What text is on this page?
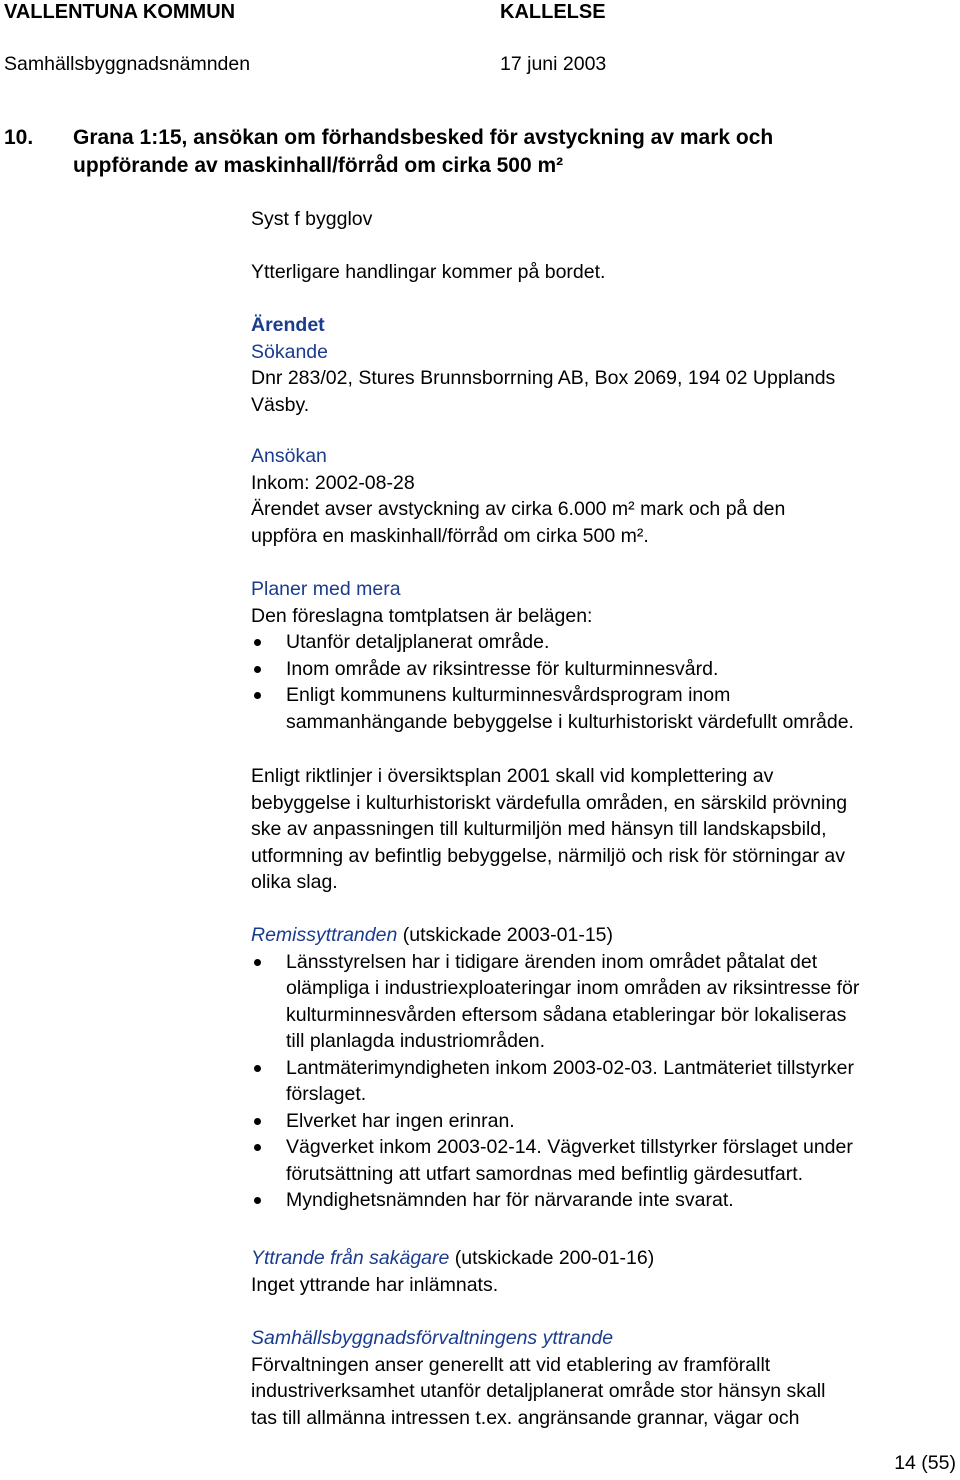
VALLENTUNA KOMMUN	KALLELSE
Samhällsbyggnadsnämnden	17 juni 2003
10. Grana 1:15, ansökan om förhandsbesked för avstyckning av mark och
uppförande av maskinhall/förråd om cirka 500 m²
Syst f bygglov
Ytterligare handlingar kommer på bordet.
Ärendet
Sökande
Dnr 283/02, Stures Brunnsborrning AB, Box 2069, 194 02 Upplands
Väsby.
Ansökan
Inkom: 2002-08-28
Ärendet avser avstyckning av cirka 6.000 m² mark och på den
uppföra en maskinhall/förråd om cirka 500 m².
Planer med mera
Den föreslagna tomtplatsen är belägen:
Utanför detaljplanerat område.
Inom område av riksintresse för kulturminnesvård.
Enligt kommunens kulturminnesvårdsprogram inom
sammanhängande bebyggelse i kulturhistoriskt värdefullt område.
Enligt riktlinjer i översiktsplan 2001 skall vid komplettering av
bebyggelse i kulturhistoriskt värdefulla områden, en särskild prövning
ske av anpassningen till kulturmiljön med hänsyn till landskapsbild,
utformning av befintlig bebyggelse, närmiljö och risk för störningar av
olika slag.
Remissyttranden (utskickade 2003-01-15)
Länsstyrelsen har i tidigare ärenden inom området påtalat det
olämpliga i industriexploateringar inom områden av riksintresse för
kulturminnesvården eftersom sådana etableringar bör lokaliseras
till planlagda industriområden.
Lantmäterimyndigheten inkom 2003-02-03. Lantmäteriet tillstyrker
förslaget.
Elverket har ingen erinran.
Vägverket inkom 2003-02-14. Vägverket tillstyrker förslaget under
förutsättning att utfart samordnas med befintlig gärdesutfart.
Myndighetsnämnden har för närvarande inte svarat.
Yttrande från sakägare (utskickade 200-01-16)
Inget yttrande har inlämnats.
Samhällsbyggnadsförvaltningens yttrande
Förvaltningen anser generellt att vid etablering av framförallt
industriverksamhet utanför detaljplanerat område stor hänsyn skall
tas till allmänna intressen t.ex. angränsande grannar, vägar och
14 (55)
